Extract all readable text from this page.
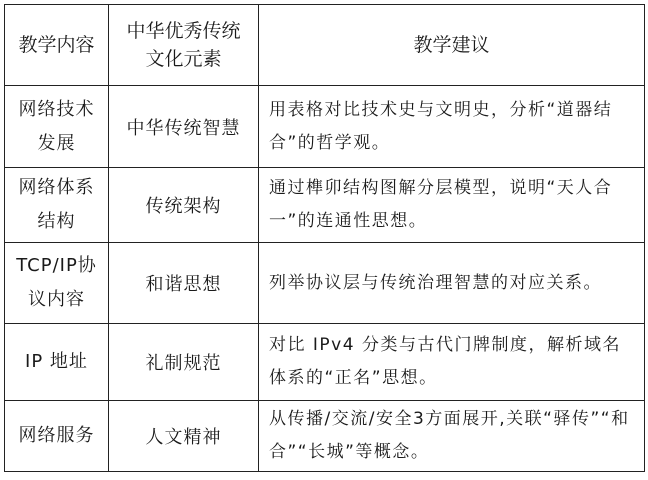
教学内容	中华优秀传统文化元素	教学建议

网络技术发展	中华传统智慧	用表格对比技术史与文明史，分析“道器结合”的哲学观。

网络体系结构	传统架构	通过榫卯结构图解分层模型，说明“天人合一”的连通性思想。

TCP/IP协议内容	和谐思想	列举协议层与传统治理智慧的对应关系。
IP 地址	礼制规范	对比 IPv4 分类与古代门牌制度，解析域名体系的“正名”思想。
网络服务	人文精神	从传播/交流/安全3方面展开,关联“驿传”“和合”“长城”等概念。
